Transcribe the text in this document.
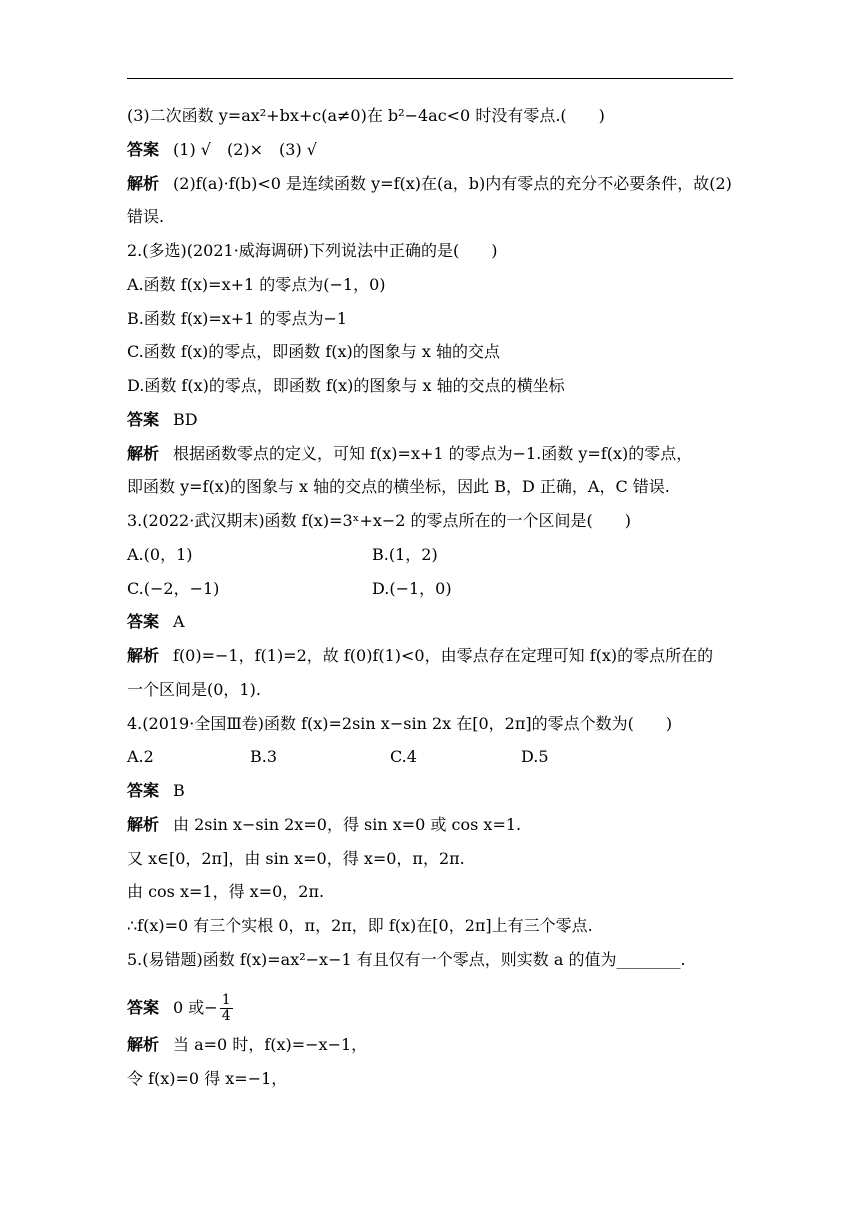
(3)二次函数 y=ax²+bx+c(a≠0)在 b²−4ac<0 时没有零点.(　　)
答案 (1) √　(2)×　(3) √
解析 (2)f(a)·f(b)<0 是连续函数 y=f(x)在(a，b)内有零点的充分不必要条件，故(2)
错误.
2.(多选)(2021·威海调研)下列说法中正确的是(　　)
A.函数 f(x)=x+1 的零点为(−1，0)
B.函数 f(x)=x+1 的零点为−1
C.函数 f(x)的零点，即函数 f(x)的图象与 x 轴的交点
D.函数 f(x)的零点，即函数 f(x)的图象与 x 轴的交点的横坐标
答案 BD
解析 根据函数零点的定义，可知 f(x)=x+1 的零点为−1.函数 y=f(x)的零点，
即函数 y=f(x)的图象与 x 轴的交点的横坐标，因此 B，D 正确，A，C 错误.
3.(2022·武汉期末)函数 f(x)=3ˣ+x−2 的零点所在的一个区间是(　　)
A.(0，1)	B.(1，2)
C.(−2，−1)	D.(−1，0)
答案 A
解析 f(0)=−1，f(1)=2，故 f(0)f(1)<0，由零点存在定理可知 f(x)的零点所在的
一个区间是(0，1).
4.(2019·全国Ⅲ卷)函数 f(x)=2sin x−sin 2x 在[0，2π]的零点个数为(　　)
A.2	B.3	C.4	D.5
答案 B
解析 由 2sin x−sin 2x=0，得 sin x=0 或 cos x=1.
又 x∈[0，2π]，由 sin x=0，得 x=0，π，2π.
由 cos x=1，得 x=0，2π.
∴f(x)=0 有三个实根 0，π，2π，即 f(x)在[0，2π]上有三个零点.
5.(易错题)函数 f(x)=ax²−x−1 有且仅有一个零点，则实数 a 的值为________.
答案 0 或− $\frac{1}{4}$
解析 当 a=0 时，f(x)=−x−1，
令 f(x)=0 得 x=−1，
